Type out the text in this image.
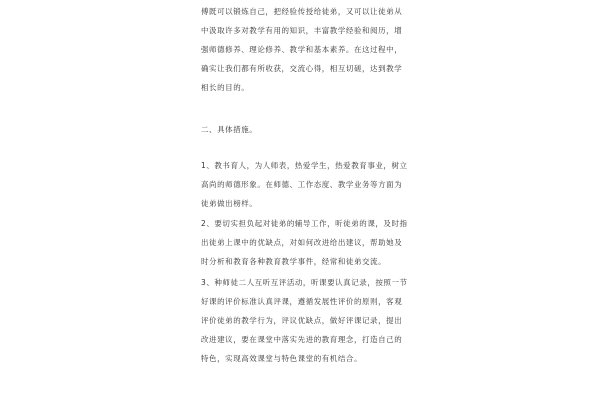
傅既可以锻炼自己，把经验传授给徒弟，又可以让徒弟从
中汲取许多对教学有用的知识，丰富教学经验和阅历，增
强师德修养、理论修养、教学和基本素养。在这过程中，
确实让我们都有所收获，交流心得，相互切磋，达到教学
相长的目的。
二、具体措施。
1、教书育人，为人师表，热爱学生，热爱教育事业，树立
高尚的师德形象。在师德、工作态度、教学业务等方面为
徒弟做出榜样。
2、要切实担负起对徒弟的辅导工作，听徒弟的课，及时指
出徒弟上课中的优缺点，对如何改进给出建议，帮助她及
时分析和教育各种教育教学事件，经常和徒弟交流。
3、种师徒二人互听互评活动，听课要认真记录，按照一节
好课的评价标准认真评课，遵循发展性评价的原则，客观
评价徒弟的教学行为，评议优缺点，做好评课记录，提出
改进建议，要在课堂中落实先进的教育理念，打造自己的
特色，实现高效课堂与特色课堂的有机结合。
